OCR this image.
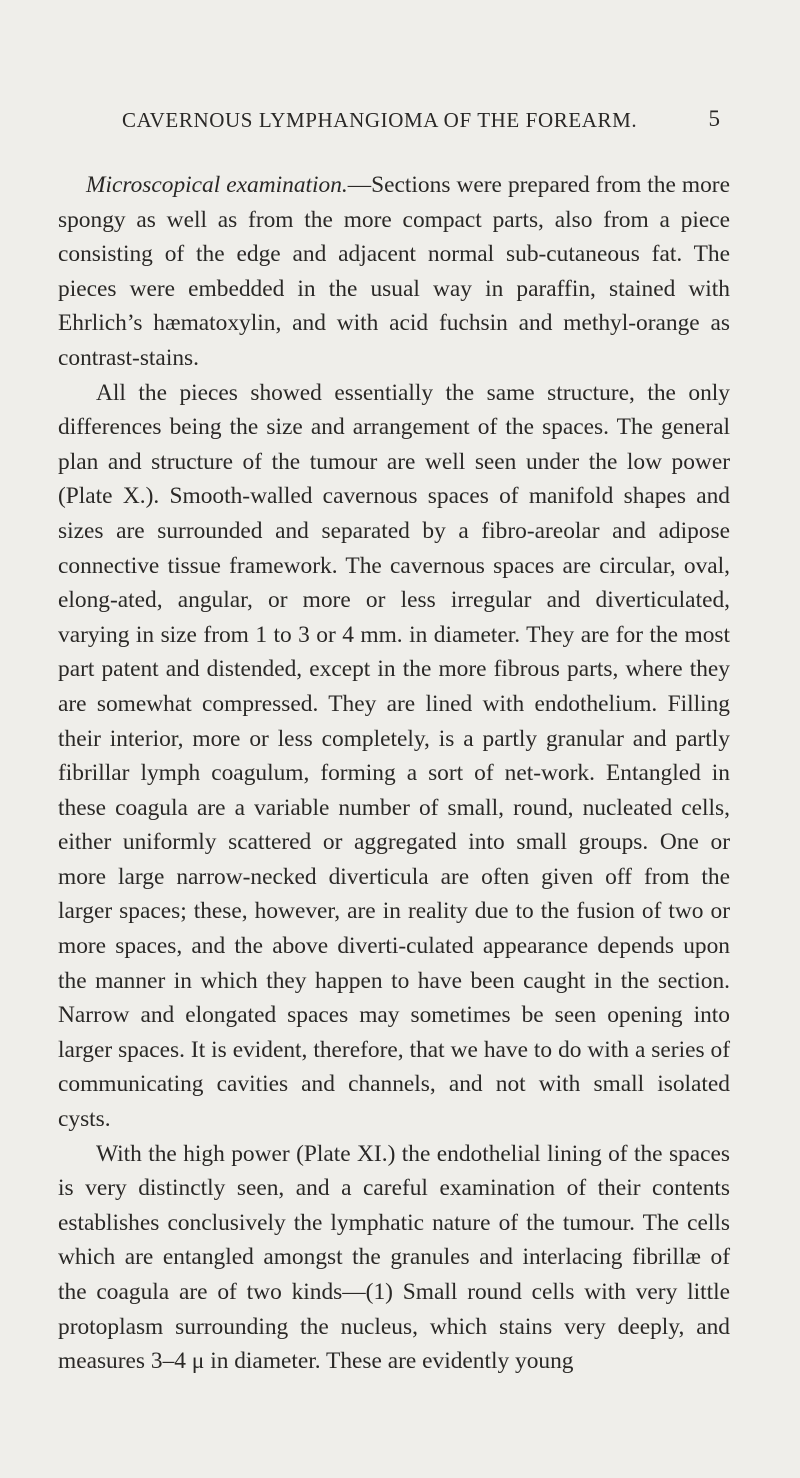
CAVERNOUS LYMPHANGIOMA OF THE FOREARM.	5

Microscopical examination.—Sections were prepared from the more spongy as well as from the more compact parts, also from a piece consisting of the edge and adjacent normal sub-cutaneous fat. The pieces were embedded in the usual way in paraffin, stained with Ehrlich’s hæmatoxylin, and with acid fuchsin and methyl-orange as contrast-stains.

All the pieces showed essentially the same structure, the only differences being the size and arrangement of the spaces. The general plan and structure of the tumour are well seen under the low power (Plate X.). Smooth-walled cavernous spaces of manifold shapes and sizes are surrounded and separated by a fibro-areolar and adipose connective tissue framework. The cavernous spaces are circular, oval, elong-ated, angular, or more or less irregular and diverticulated, varying in size from 1 to 3 or 4 mm. in diameter. They are for the most part patent and distended, except in the more fibrous parts, where they are somewhat compressed. They are lined with endothelium. Filling their interior, more or less completely, is a partly granular and partly fibrillar lymph coagulum, forming a sort of net-work. Entangled in these coagula are a variable number of small, round, nucleated cells, either uniformly scattered or aggregated into small groups. One or more large narrow-necked diverticula are often given off from the larger spaces; these, however, are in reality due to the fusion of two or more spaces, and the above diverti-culated appearance depends upon the manner in which they happen to have been caught in the section. Narrow and elongated spaces may sometimes be seen opening into larger spaces. It is evident, therefore, that we have to do with a series of communicating cavities and channels, and not with small isolated cysts.

With the high power (Plate XI.) the endothelial lining of the spaces is very distinctly seen, and a careful examination of their contents establishes conclusively the lymphatic nature of the tumour. The cells which are entangled amongst the granules and interlacing fibrillæ of the coagula are of two kinds—(1) Small round cells with very little protoplasm surrounding the nucleus, which stains very deeply, and measures 3–4 μ in diameter. These are evidently young
